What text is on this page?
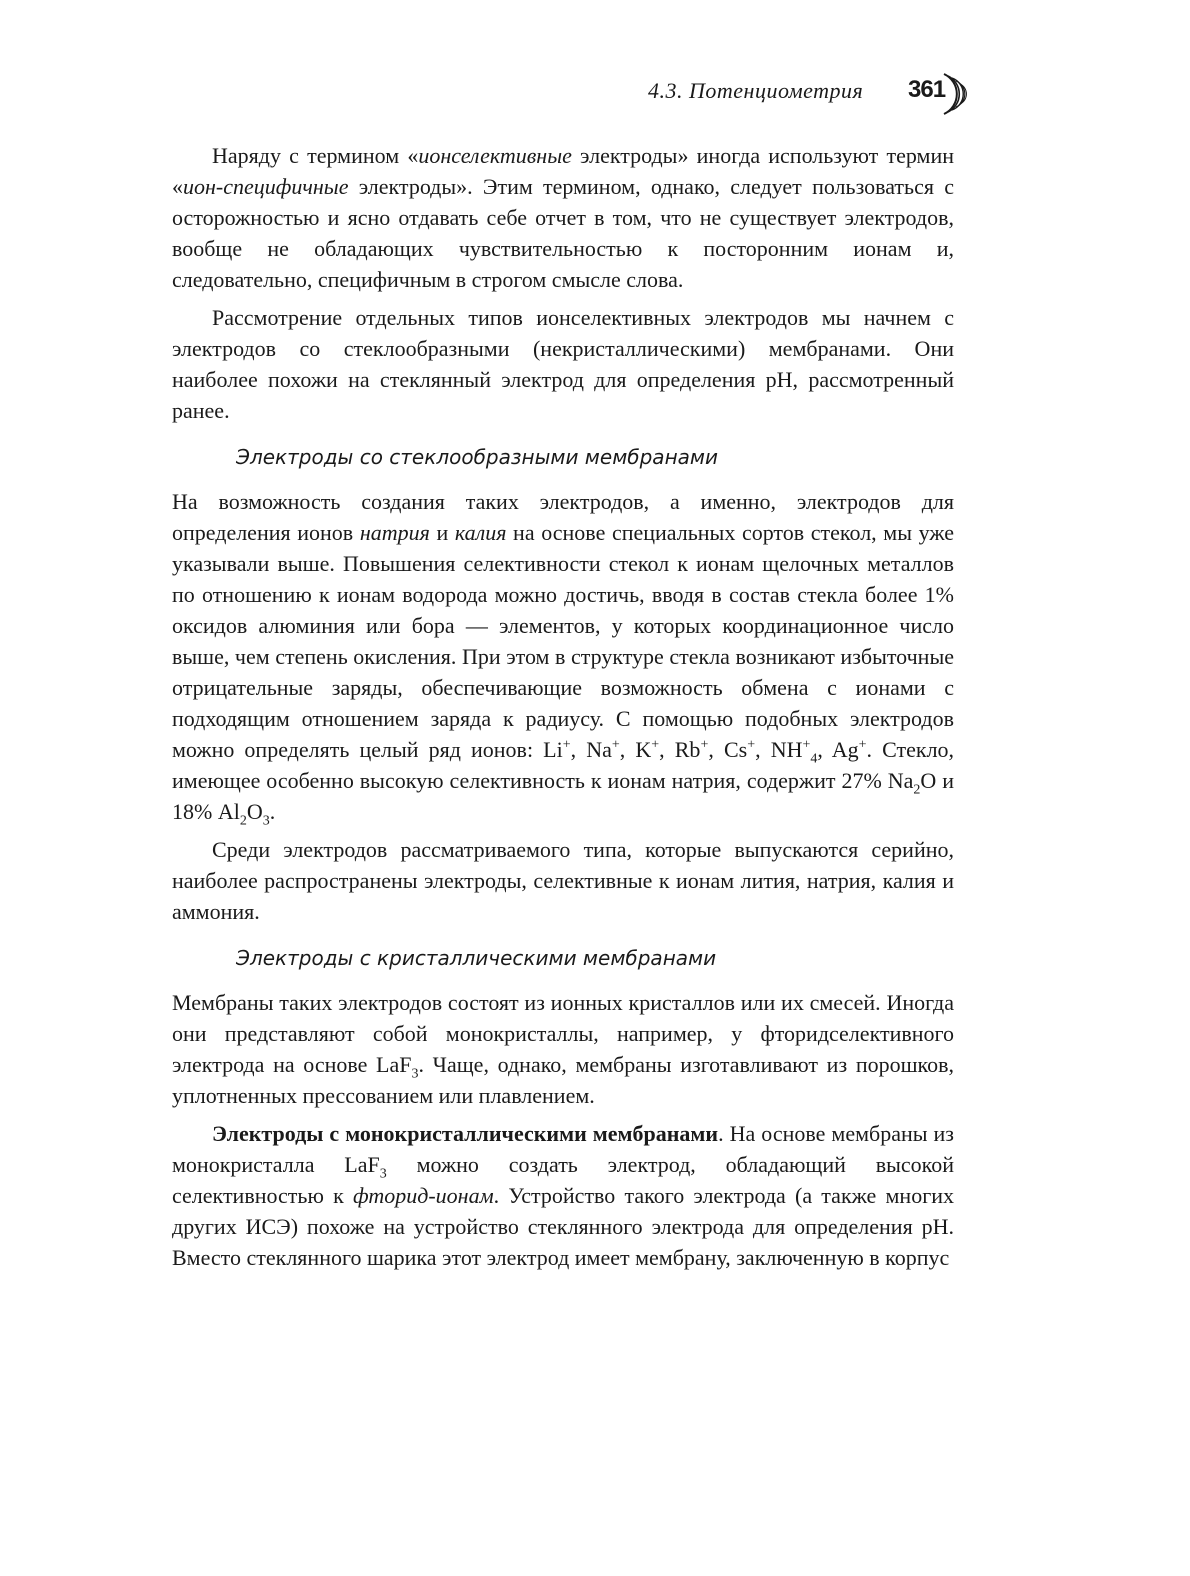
4.3. Потенциометрия 361

Наряду с термином «ионселективные электроды» иногда используют термин «ион-специфичные электроды». Этим термином, однако, следует пользоваться с осторожностью и ясно отдавать себе отчет в том, что не существует электродов, вообще не обладающих чувствительностью к посторонним ионам и, следовательно, специфичным в строгом смысле слова.

Рассмотрение отдельных типов ионселективных электродов мы начнем с электродов со стеклообразными (некристаллическими) мембранами. Они наиболее похожи на стеклянный электрод для определения pH, рассмотренный ранее.

Электроды со стеклообразными мембранами

На возможность создания таких электродов, а именно, электродов для определения ионов натрия и калия на основе специальных сортов стекол, мы уже указывали выше. Повышения селективности стекол к ионам щелочных металлов по отношению к ионам водорода можно достичь, вводя в состав стекла более 1% оксидов алюминия или бора — элементов, у которых координационное число выше, чем степень окисления. При этом в структуре стекла возникают избыточные отрицательные заряды, обеспечивающие возможность обмена с ионами с подходящим отношением заряда к радиусу. С помощью подобных электродов можно определять целый ряд ионов: Li+, Na+, K+, Rb+, Cs+, $NH^+_4$, Ag+. Стекло, имеющее особенно высокую селективность к ионам натрия, содержит 27% $Na_2O$ и 18% $Al_2O_3$.

Среди электродов рассматриваемого типа, которые выпускаются серийно, наиболее распространены электроды, селективные к ионам лития, натрия, калия и аммония.

Электроды с кристаллическими мембранами

Мембраны таких электродов состоят из ионных кристаллов или их смесей. Иногда они представляют собой монокристаллы, например, у фторидселективного электрода на основе LaF$_3$. Чаще, однако, мембраны изготавливают из порошков, уплотненных прессованием или плавлением.

Электроды с монокристаллическими мембранами. На основе мембраны из монокристалла LaF$_3$ можно создать электрод, обладающий высокой селективностью к фторид-ионам. Устройство такого электрода (а также многих других ИСЭ) похоже на устройство стеклянного электрода для определения pH. Вместо стеклянного шарика этот электрод имеет мембрану, заключенную в корпус
